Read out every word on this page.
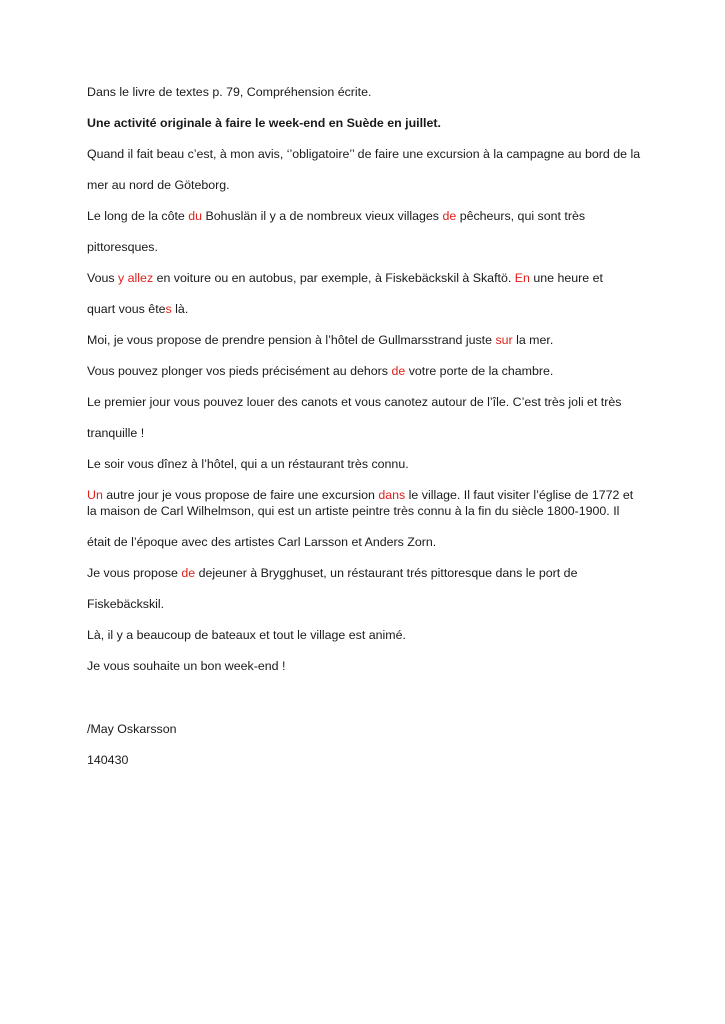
Dans le livre de textes p. 79, Compréhension écrite.
Une activité originale à faire le week-end en Suède en juillet.
Quand il fait beau c’est, à mon avis, ‘’obligatoire’’ de faire une excursion à la campagne au bord de la
mer au nord de Göteborg.
Le long de la côte du Bohuslän il y a de nombreux vieux villages de pêcheurs, qui sont très
pittoresques.
Vous y allez en voiture ou en autobus, par exemple, à Fiskebäckskil à Skaftö. En une heure et
quart vous êtes là.
Moi, je vous propose de prendre pension à l’hôtel de Gullmarsstrand juste sur la mer.
Vous pouvez plonger vos pieds précisément au dehors de votre porte de la chambre.
Le premier jour vous pouvez louer des canots et vous canotez autour de l’île. C’est très joli et très
tranquille !
Le soir vous dînez à l’hôtel, qui a un réstaurant très connu.
Un autre jour je vous propose de faire une excursion dans le village. Il faut visiter l’église de 1772 et
la maison de Carl Wilhelmson, qui est un artiste peintre très connu à la fin du siècle 1800-1900. Il
était de l’époque avec des artistes Carl Larsson et Anders Zorn.
Je vous propose de dejeuner à Brygghuset, un réstaurant trés pittoresque dans le port de
Fiskebäckskil.
Là, il y a beaucoup de bateaux et tout le village est animé.
Je vous souhaite un bon week-end !
/May Oskarsson
140430
